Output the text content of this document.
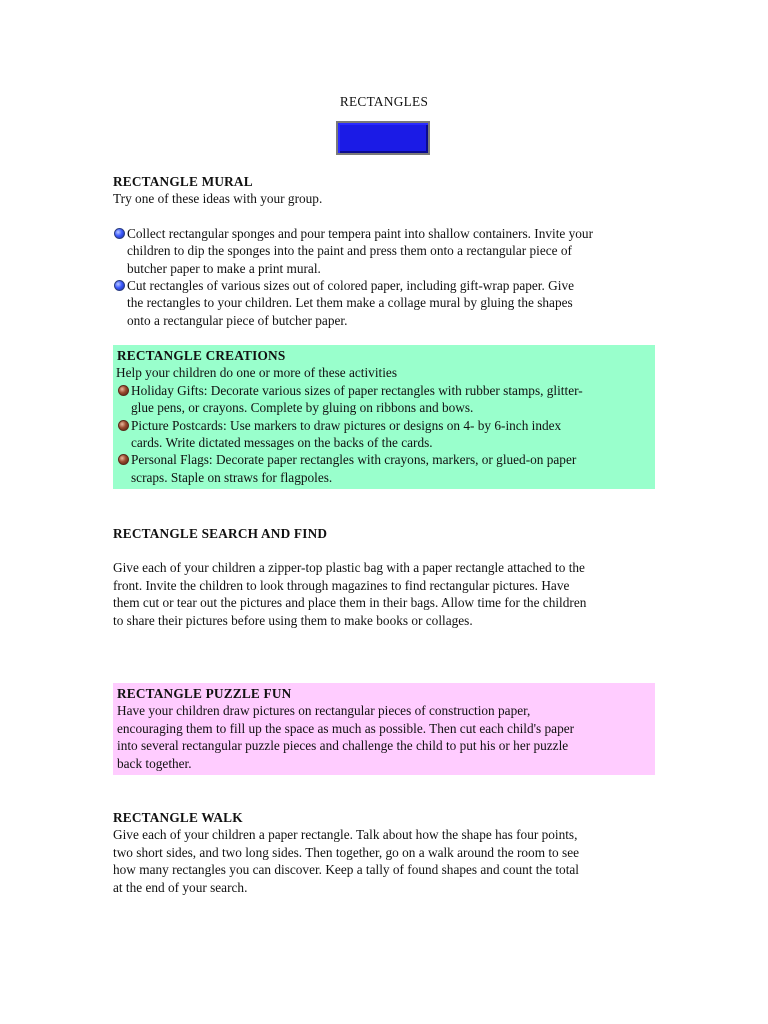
RECTANGLES
RECTANGLE MURAL

Try one of these ideas with your group.

Collect rectangular sponges and pour tempera paint into shallow containers. Invite your
children to dip the sponges into the paint and press them onto a rectangular piece of
butcher paper to make a print mural.
Cut rectangles of various sizes out of colored paper, including gift-wrap paper. Give
the rectangles to your children. Let them make a collage mural by gluing the shapes
onto a rectangular piece of butcher paper.
RECTANGLE CREATIONS

Help your children do one or more of these activities

Holiday Gifts: Decorate various sizes of paper rectangles with rubber stamps, glitter-
glue pens, or crayons. Complete by gluing on ribbons and bows.
Picture Postcards: Use markers to draw pictures or designs on 4- by 6-inch index
cards. Write dictated messages on the backs of the cards.
Personal Flags: Decorate paper rectangles with crayons, markers, or glued-on paper
scraps. Staple on straws for flagpoles.
RECTANGLE SEARCH AND FIND
Give each of your children a zipper-top plastic bag with a paper rectangle attached to the
front. Invite the children to look through magazines to find rectangular pictures. Have
them cut or tear out the pictures and place them in their bags. Allow time for the children
to share their pictures before using them to make books or collages.
RECTANGLE PUZZLE FUN
Have your children draw pictures on rectangular pieces of construction paper,
encouraging them to fill up the space as much as possible. Then cut each child's paper
into several rectangular puzzle pieces and challenge the child to put his or her puzzle
back together.
RECTANGLE WALK
Give each of your children a paper rectangle. Talk about how the shape has four points,
two short sides, and two long sides. Then together, go on a walk around the room to see
how many rectangles you can discover. Keep a tally of found shapes and count the total
at the end of your search.
